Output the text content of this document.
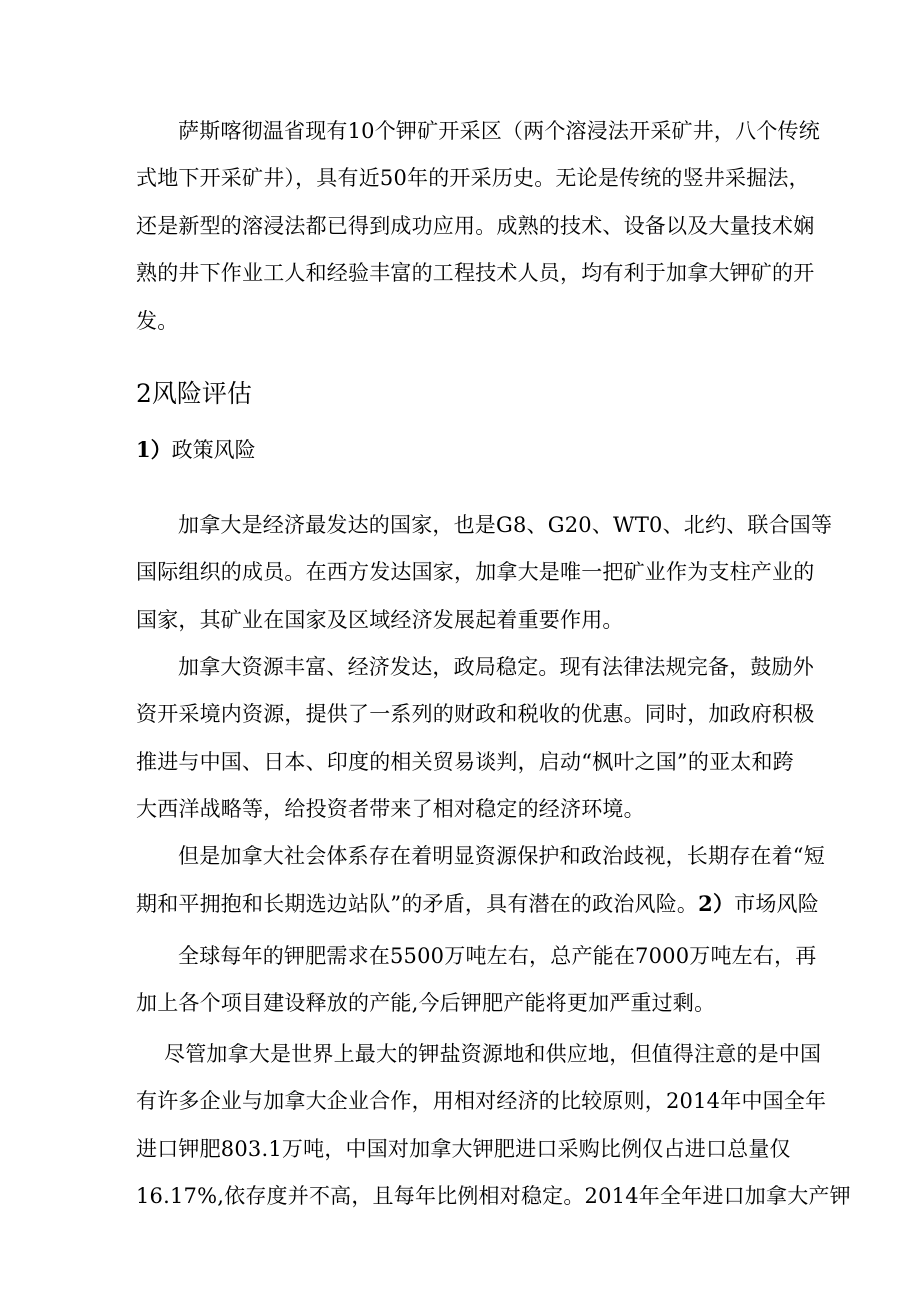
萨斯喀彻温省现有10个钾矿开采区（两个溶浸法开采矿井，八个传统
式地下开采矿井），具有近50年的开采历史。无论是传统的竖井采掘法，
还是新型的溶浸法都已得到成功应用。成熟的技术、设备以及大量技术娴
熟的井下作业工人和经验丰富的工程技术人员，均有利于加拿大钾矿的开
发。
2风险评估
1）政策风险
加拿大是经济最发达的国家，也是G8、G20、WT0、北约、联合国等
国际组织的成员。在西方发达国家，加拿大是唯一把矿业作为支柱产业的
国家，其矿业在国家及区域经济发展起着重要作用。
加拿大资源丰富、经济发达，政局稳定。现有法律法规完备，鼓励外
资开采境内资源，提供了一系列的财政和税收的优惠。同时，加政府积极
推进与中国、日本、印度的相关贸易谈判，启动“枫叶之国”的亚太和跨
大西洋战略等，给投资者带来了相对稳定的经济环境。
但是加拿大社会体系存在着明显资源保护和政治歧视，长期存在着“短
期和平拥抱和长期选边站队”的矛盾，具有潜在的政治风险。2）市场风险
全球每年的钾肥需求在5500万吨左右，总产能在7000万吨左右，再
加上各个项目建设释放的产能,今后钾肥产能将更加严重过剩。
尽管加拿大是世界上最大的钾盐资源地和供应地，但值得注意的是中国
有许多企业与加拿大企业合作，用相对经济的比较原则，2014年中国全年
进口钾肥803.1万吨，中国对加拿大钾肥进口采购比例仅占进口总量仅
16.17%,依存度并不高，且每年比例相对稳定。2014年全年进口加拿大产钾
